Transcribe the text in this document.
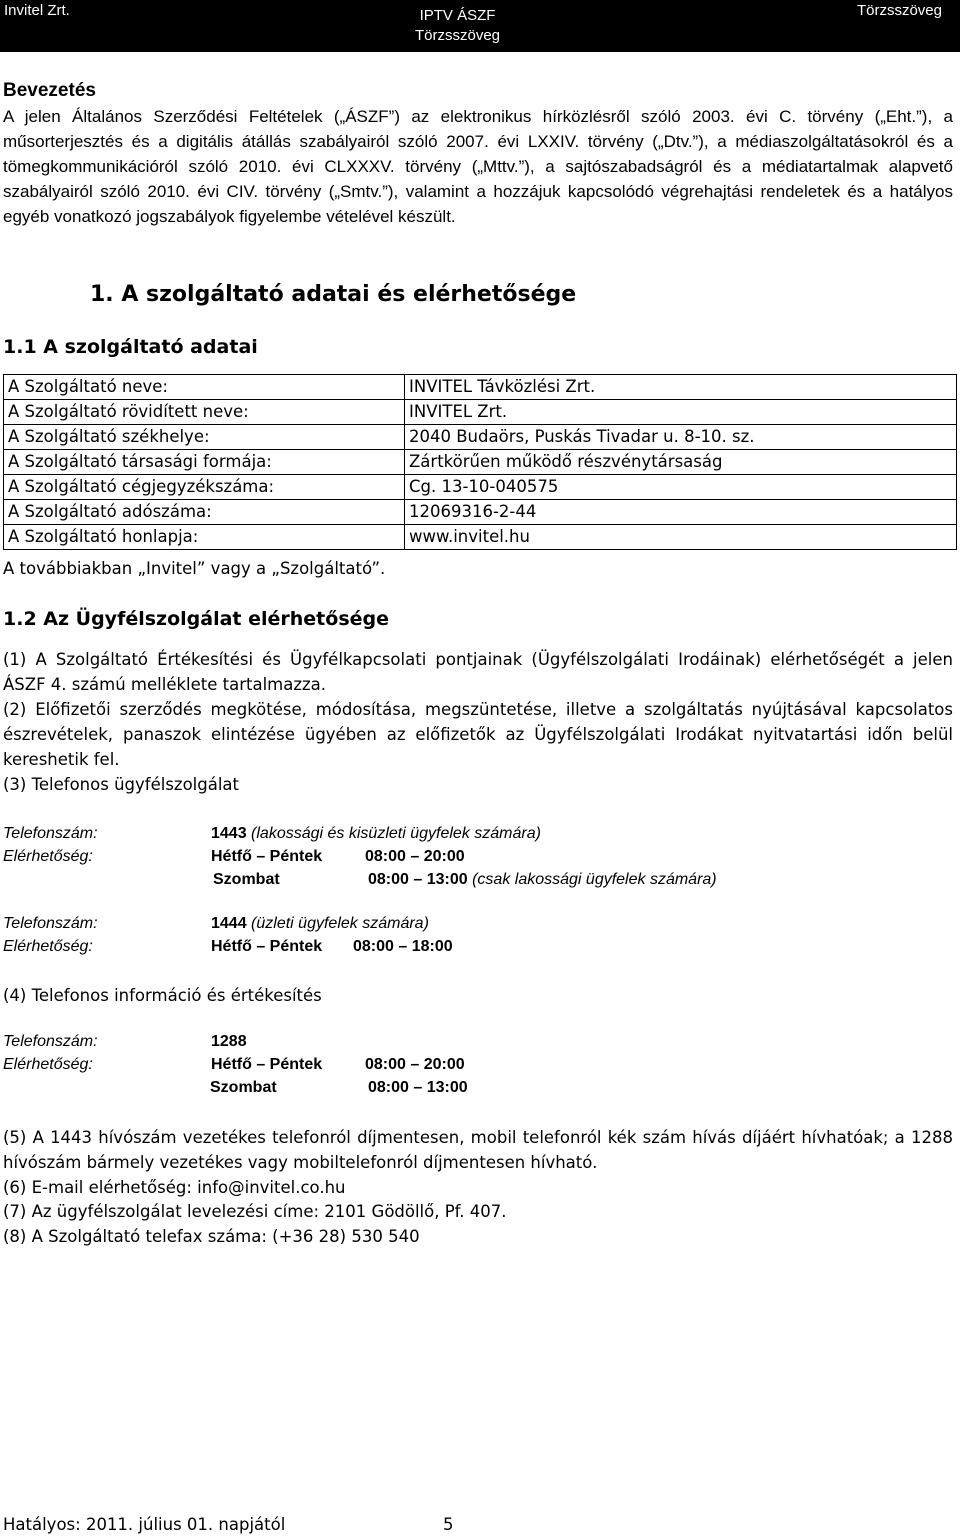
Invitel Zrt.	IPTV ÁSZF
Törzsszöveg
Törzsszöveg
Bevezetés
A jelen Általános Szerződési Feltételek („ÁSZF”) az elektronikus hírközlésről szóló 2003. évi C. törvény („Eht.”), a műsorterjesztés és a digitális átállás szabályairól szóló 2007. évi LXXIV. törvény („Dtv.”), a médiaszolgáltatásokról és a tömegkommunikációról szóló 2010. évi CLXXXV. törvény („Mttv.”), a sajtószabadságról és a médiatartalmak alapvető szabályairól szóló 2010. évi CIV. törvény („Smtv.”), valamint a hozzájuk kapcsolódó végrehajtási rendeletek és a hatályos egyéb vonatkozó jogszabályok figyelembe vételével készült.
1. A szolgáltató adatai és elérhetősége
1.1 A szolgáltató adatai
A Szolgáltató neve:	INVITEL Távközlési Zrt.
A Szolgáltató rövidített neve:	INVITEL Zrt.
A Szolgáltató székhelye:	2040 Budaörs, Puskás Tivadar u. 8-10. sz.
A Szolgáltató társasági formája:	Zártkörűen működő részvénytársaság
A Szolgáltató cégjegyzékszáma:	Cg. 13-10-040575
A Szolgáltató adószáma:	12069316-2-44
A Szolgáltató honlapja:	www.invitel.hu
A továbbiakban „Invitel” vagy a „Szolgáltató”.
1.2 Az Ügyfélszolgálat elérhetősége
(1) A Szolgáltató Értékesítési és Ügyfélkapcsolati pontjainak (Ügyfélszolgálati Irodáinak) elérhetőségét a jelen ÁSZF 4. számú melléklete tartalmazza.
(2) Előfizetői szerződés megkötése, módosítása, megszüntetése, illetve a szolgáltatás nyújtásával kapcsolatos észrevételek, panaszok elintézése ügyében az előfizetők az Ügyfélszolgálati Irodákat nyitvatartási időn belül kereshetik fel.
(3) Telefonos ügyfélszolgálat
Telefonszám:	1443 (lakossági és kisüzleti ügyfelek számára)
Elérhetőség:	Hétfő – Péntek	08:00 – 20:00
Szombat	08:00 – 13:00 (csak lakossági ügyfelek számára)
Telefonszám:	1444 (üzleti ügyfelek számára)
Elérhetőség:	Hétfő – Péntek 08:00 – 18:00
(4) Telefonos információ és értékesítés
Telefonszám:	1288
Elérhetőség:	Hétfő – Péntek	08:00 – 20:00
Szombat	08:00 – 13:00
(5) A 1443 hívószám vezetékes telefonról díjmentesen, mobil telefonról kék szám hívás díjáért hívhatóak; a 1288 hívószám bármely vezetékes vagy mobiltelefonról díjmentesen hívható.
(6) E-mail elérhetőség: info@invitel.co.hu
(7) Az ügyfélszolgálat levelezési címe: 2101 Gödöllő, Pf. 407.
(8) A Szolgáltató telefax száma: (+36 28) 530 540
Hatályos: 2011. július 01. napjától	5
